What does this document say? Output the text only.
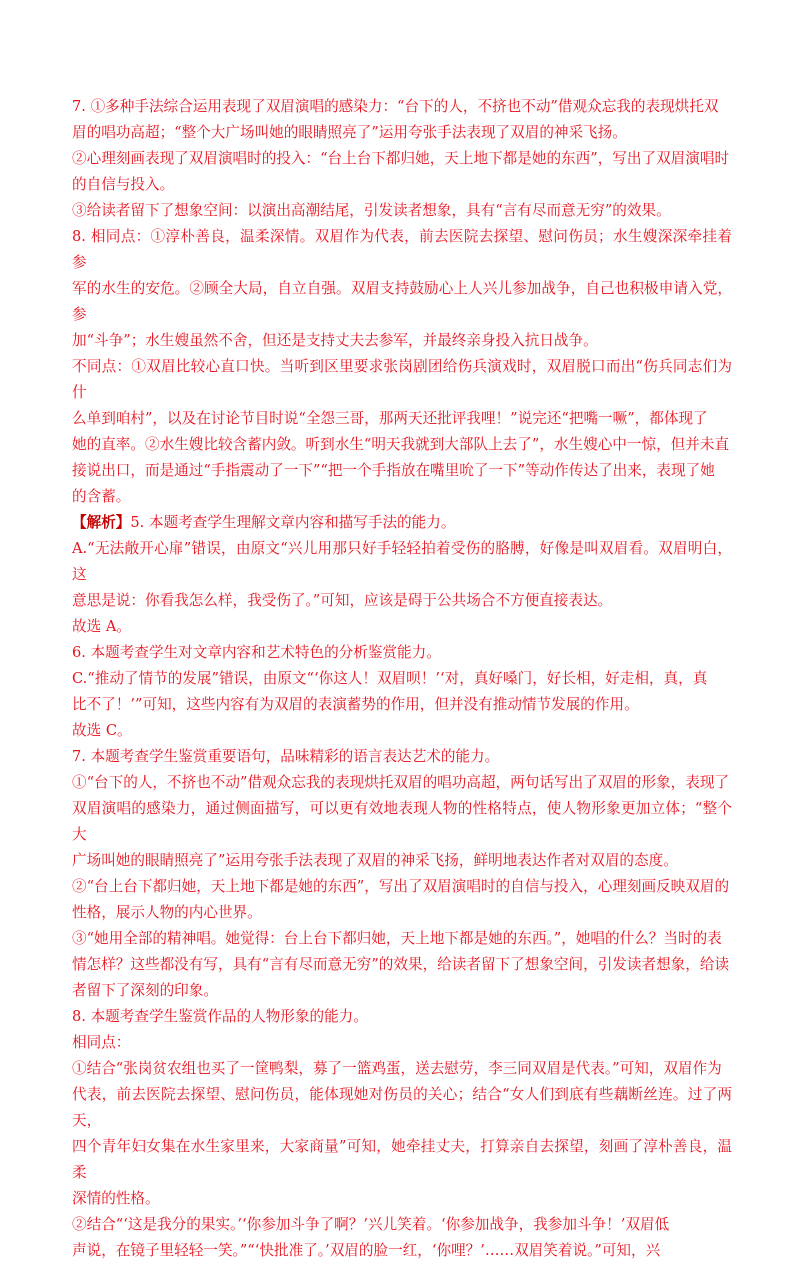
7. ①多种手法综合运用表现了双眉演唱的感染力：“台下的人，不挤也不动”借观众忘我的表现烘托双
眉的唱功高超；“整个大广场叫她的眼睛照亮了”运用夸张手法表现了双眉的神采飞扬。
②心理刻画表现了双眉演唱时的投入：“台上台下都归她，天上地下都是她的东西”，写出了双眉演唱时
的自信与投入。
③给读者留下了想象空间：以演出高潮结尾，引发读者想象，具有“言有尽而意无穷”的效果。
8. 相同点：①淳朴善良，温柔深情。双眉作为代表，前去医院去探望、慰问伤员；水生嫂深深牵挂着参
军的水生的安危。②顾全大局，自立自强。双眉支持鼓励心上人兴儿参加战争，自己也积极申请入党，参
加“斗争”；水生嫂虽然不舍，但还是支持丈夫去参军，并最终亲身投入抗日战争。
不同点：①双眉比较心直口快。当听到区里要求张岗剧团给伤兵演戏时，双眉脱口而出“伤兵同志们为什
么单到咱村”，以及在讨论节目时说“全怨三哥，那两天还批评我哩！”说完还“把嘴一噘”，都体现了
她的直率。②水生嫂比较含蓄内敛。听到水生“明天我就到大部队上去了”，水生嫂心中一惊，但并未直
接说出口，而是通过“手指震动了一下”“把一个手指放在嘴里吮了一下”等动作传达了出来，表现了她
的含蓄。
【解析】5. 本题考查学生理解文章内容和描写手法的能力。
A.“无法敞开心扉”错误，由原文“兴儿用那只好手轻轻拍着受伤的胳膊，好像是叫双眉看。双眉明白，这
意思是说：你看我怎么样，我受伤了。”可知，应该是碍于公共场合不方便直接表达。
故选 A。
6. 本题考查学生对文章内容和艺术特色的分析鉴赏能力。
C.“推动了情节的发展”错误，由原文“‘你这人！双眉呗！’‘对，真好嗓门，好长相，好走相，真，真
比不了！’”可知，这些内容有为双眉的表演蓄势的作用，但并没有推动情节发展的作用。
故选 C。
7. 本题考查学生鉴赏重要语句，品味精彩的语言表达艺术的能力。
①“台下的人，不挤也不动”借观众忘我的表现烘托双眉的唱功高超，两句话写出了双眉的形象，表现了
双眉演唱的感染力，通过侧面描写，可以更有效地表现人物的性格特点，使人物形象更加立体；“整个大
广场叫她的眼睛照亮了”运用夸张手法表现了双眉的神采飞扬，鲜明地表达作者对双眉的态度。
②“台上台下都归她，天上地下都是她的东西”，写出了双眉演唱时的自信与投入，心理刻画反映双眉的
性格，展示人物的内心世界。
③“她用全部的精神唱。她觉得：台上台下都归她，天上地下都是她的东西。”，她唱的什么？当时的表
情怎样？这些都没有写，具有“言有尽而意无穷”的效果，给读者留下了想象空间，引发读者想象，给读
者留下了深刻的印象。
8. 本题考查学生鉴赏作品的人物形象的能力。
相同点：
①结合“张岗贫农组也买了一筐鸭梨，募了一篮鸡蛋，送去慰劳，李三同双眉是代表。”可知，双眉作为
代表，前去医院去探望、慰问伤员，能体现她对伤员的关心；结合“女人们到底有些藕断丝连。过了两天，
四个青年妇女集在水生家里来，大家商量”可知，她牵挂丈夫，打算亲自去探望，刻画了淳朴善良，温柔
深情的性格。
②结合“‘这是我分的果实。’‘你参加斗争了啊？’兴儿笑着。‘你参加战争，我参加斗争！’双眉低
声说，在镜子里轻轻一笑。”“‘快批准了。’双眉的脸一红，‘你哩？’……双眉笑着说。”可知，兴
